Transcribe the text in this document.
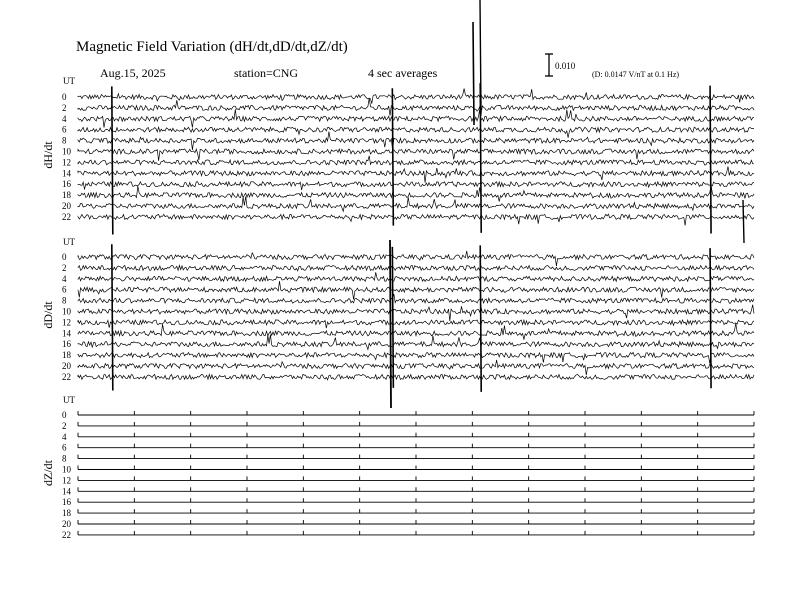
Magnetic Field Variation (dH/dt,dD/dt,dZ/dt)
Aug.15, 2025	station=CNG	4 sec averages	0.010
(D: 0.0147 V/nT at 0.1 Hz)
UT
dH/dt
0
2
4
6
8
10
12
14
16
18
20
22
UT
dD/dt
0
2
4
6
8
10
12
14
16
18
20
22
UT
dZ/dt
0
2
4
6
8
10
12
14
16
18
20
22
